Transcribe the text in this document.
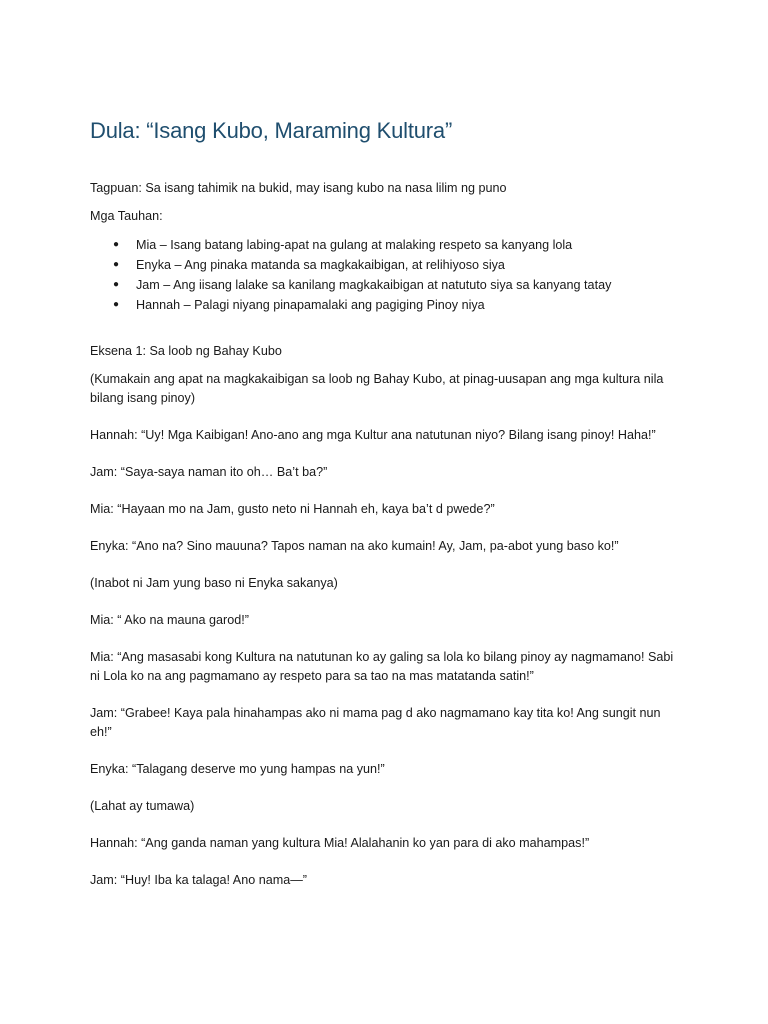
Dula: “Isang Kubo, Maraming Kultura”

Tagpuan: Sa isang tahimik na bukid, may isang kubo na nasa lilim ng puno

Mga Tauhan:

● Mia – Isang batang labing-apat na gulang at malaking respeto sa kanyang lola
● Enyka – Ang pinaka matanda sa magkakaibigan, at relihiyoso siya
● Jam – Ang iisang lalake sa kanilang magkakaibigan at natututo siya sa kanyang tatay
● Hannah – Palagi niyang pinapamalaki ang pagiging Pinoy niya

Eksena 1: Sa loob ng Bahay Kubo

(Kumakain ang apat na magkakaibigan sa loob ng Bahay Kubo, at pinag-uusapan ang mga kultura nila bilang isang pinoy)

Hannah: “Uy! Mga Kaibigan! Ano-ano ang mga Kultur ana natutunan niyo? Bilang isang pinoy! Haha!”

Jam: “Saya-saya naman ito oh… Ba’t ba?”

Mia: “Hayaan mo na Jam, gusto neto ni Hannah eh, kaya ba’t d pwede?”

Enyka: “Ano na? Sino mauuna? Tapos naman na ako kumain! Ay, Jam, pa-abot yung baso ko!”

(Inabot ni Jam yung baso ni Enyka sakanya)

Mia: “ Ako na mauna garod!”

Mia: “Ang masasabi kong Kultura na natutunan ko ay galing sa lola ko bilang pinoy ay nagmamano! Sabi ni Lola ko na ang pagmamano ay respeto para sa tao na mas matatanda satin!”

Jam: “Grabee! Kaya pala hinahampas ako ni mama pag d ako nagmamano kay tita ko! Ang sungit nun eh!”

Enyka: “Talagang deserve mo yung hampas na yun!”

(Lahat ay tumawa)

Hannah: “Ang ganda naman yang kultura Mia! Alalahanin ko yan para di ako mahampas!”

Jam: “Huy! Iba ka talaga! Ano nama—”
